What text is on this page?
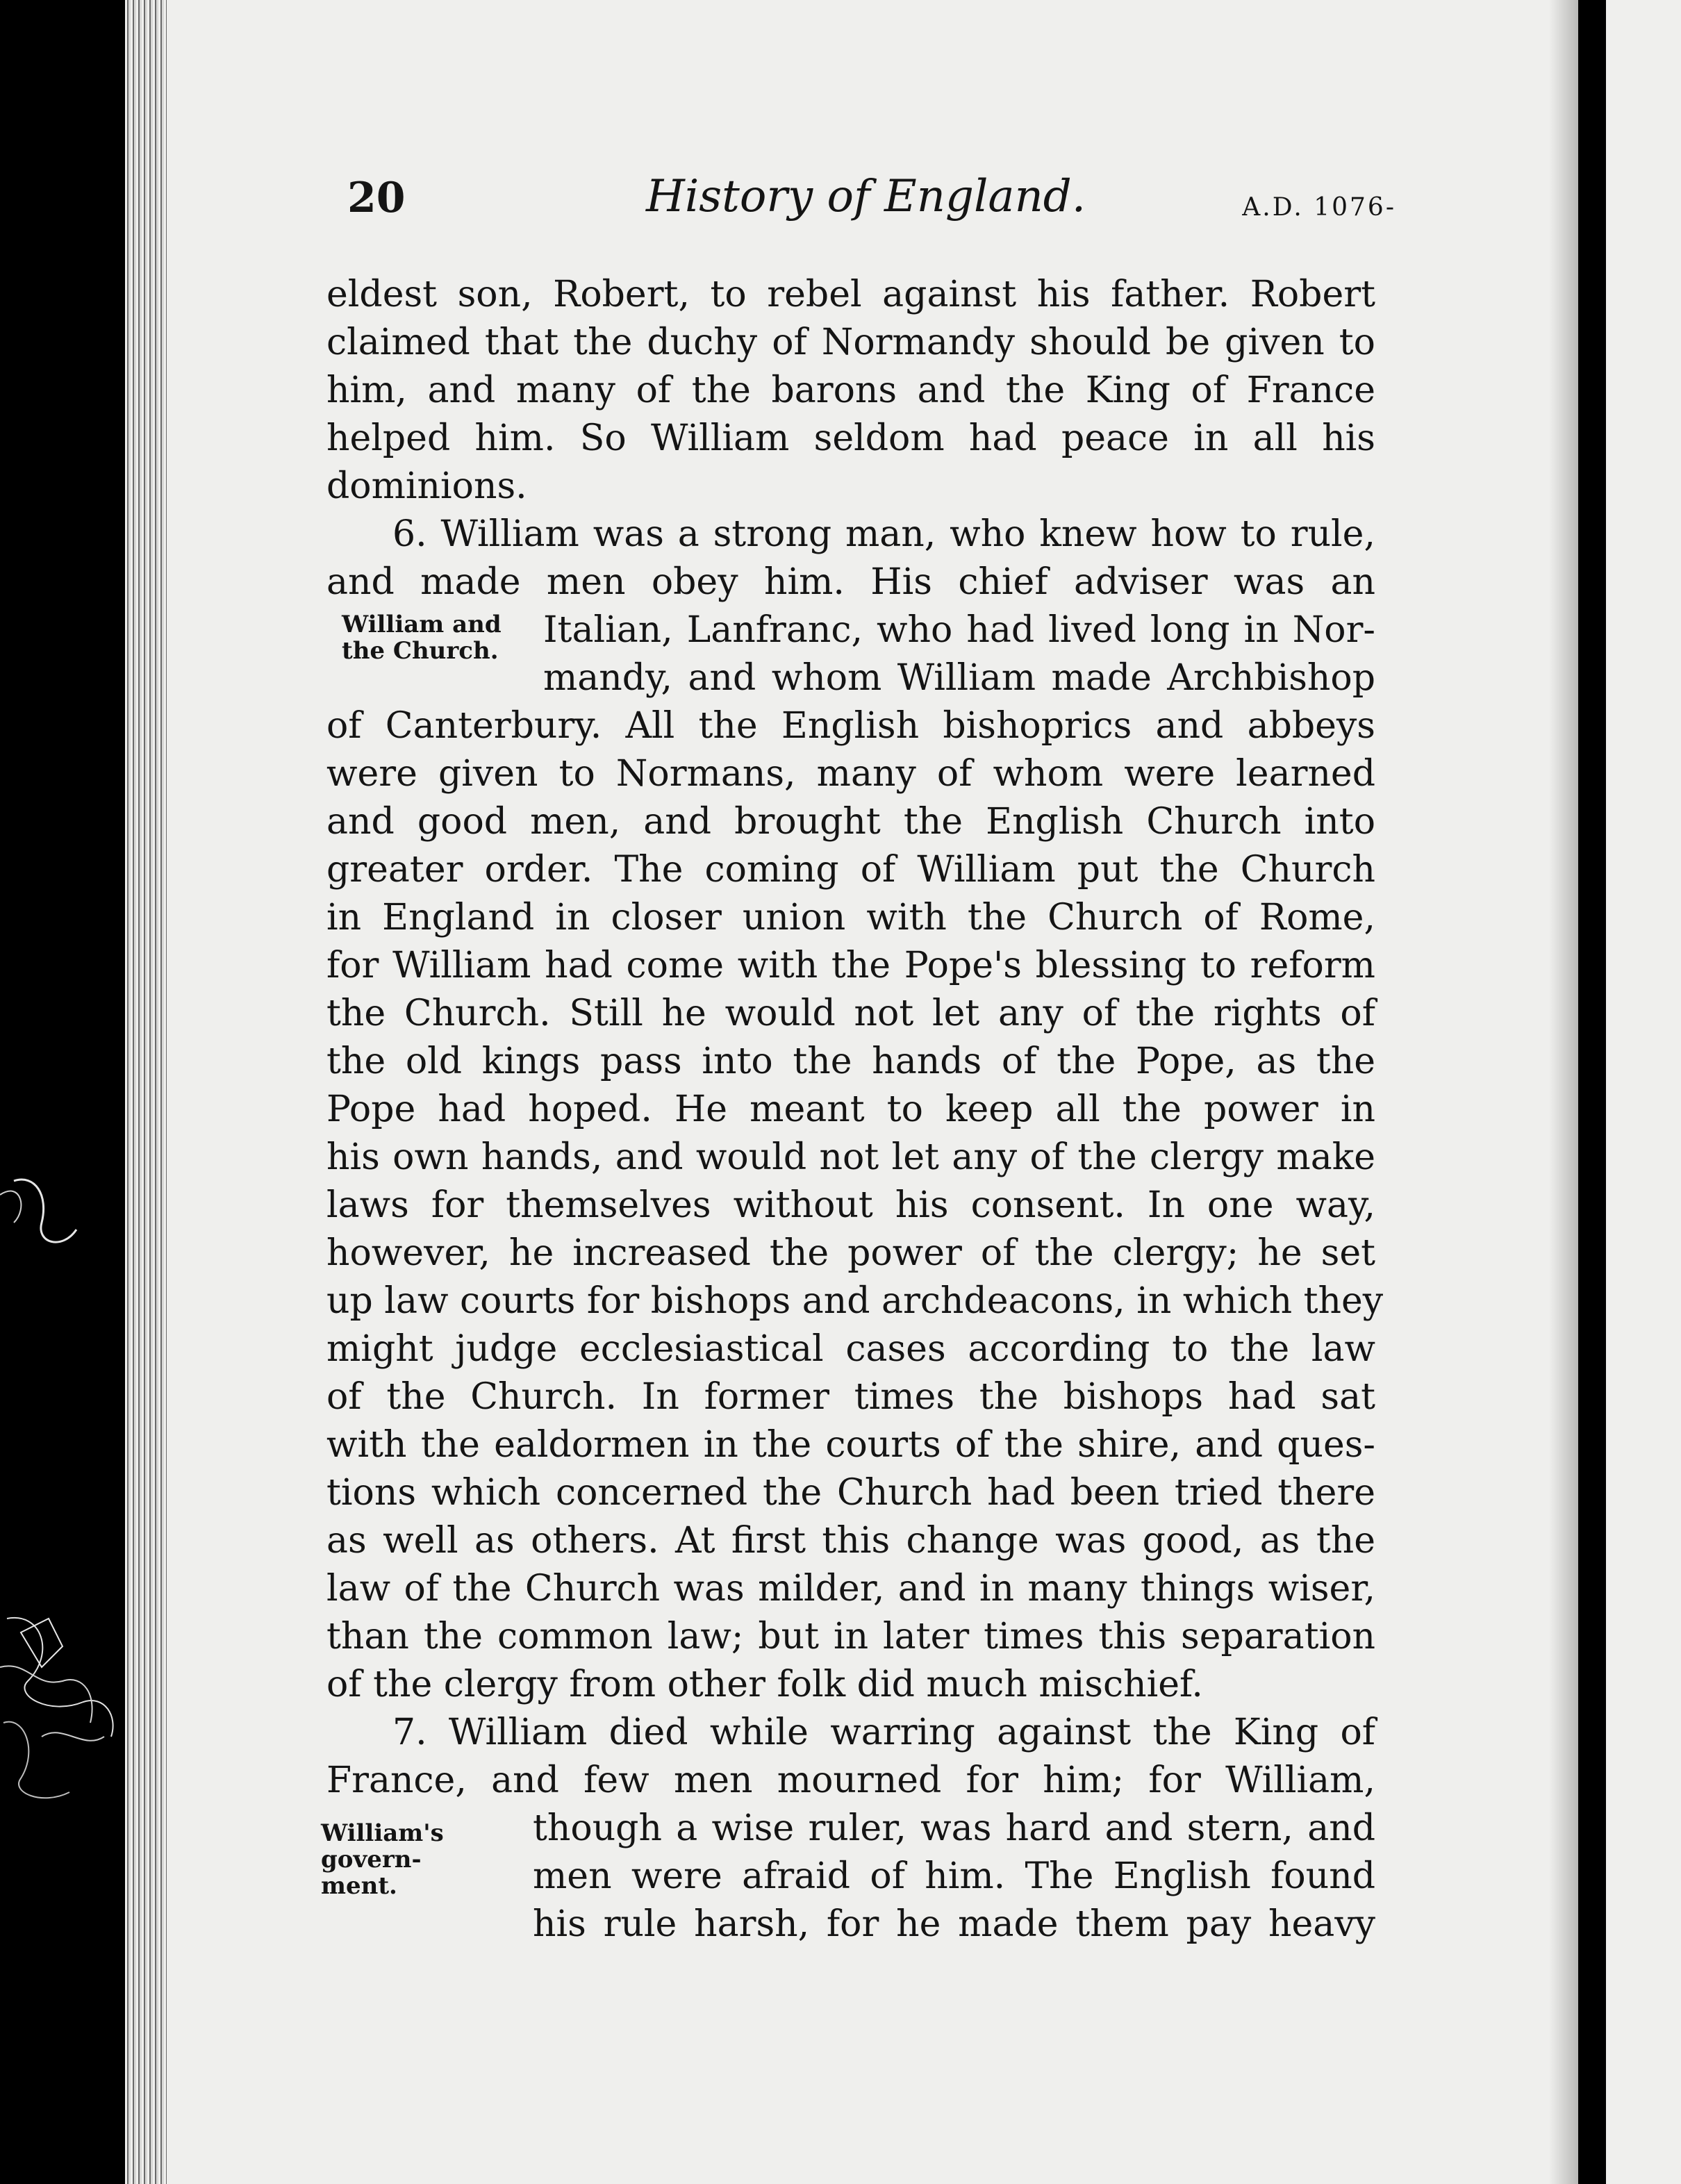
20	History of England.	A.D. 1076-
William and
the Church.
William's
govern-
ment.
eldest son, Robert, to rebel against his father. Robert
claimed that the duchy of Normandy should be given to
him, and many of the barons and the King of France
helped him. So William seldom had peace in all his
dominions.
6. William was a strong man, who knew how to rule,
and made men obey him. His chief adviser was an
Italian, Lanfranc, who had lived long in Nor-
mandy, and whom William made Archbishop
of Canterbury. All the English bishoprics and abbeys
were given to Normans, many of whom were learned
and good men, and brought the English Church into
greater order. The coming of William put the Church
in England in closer union with the Church of Rome,
for William had come with the Pope's blessing to reform
the Church. Still he would not let any of the rights of
the old kings pass into the hands of the Pope, as the
Pope had hoped. He meant to keep all the power in
his own hands, and would not let any of the clergy make
laws for themselves without his consent. In one way,
however, he increased the power of the clergy; he set
up law courts for bishops and archdeacons, in which they
might judge ecclesiastical cases according to the law
of the Church. In former times the bishops had sat
with the ealdormen in the courts of the shire, and ques-
tions which concerned the Church had been tried there
as well as others. At first this change was good, as the
law of the Church was milder, and in many things wiser,
than the common law; but in later times this separation
of the clergy from other folk did much mischief.
7. William died while warring against the King of
France, and few men mourned for him; for William,
though a wise ruler, was hard and stern, and
men were afraid of him. The English found
his rule harsh, for he made them pay heavy
